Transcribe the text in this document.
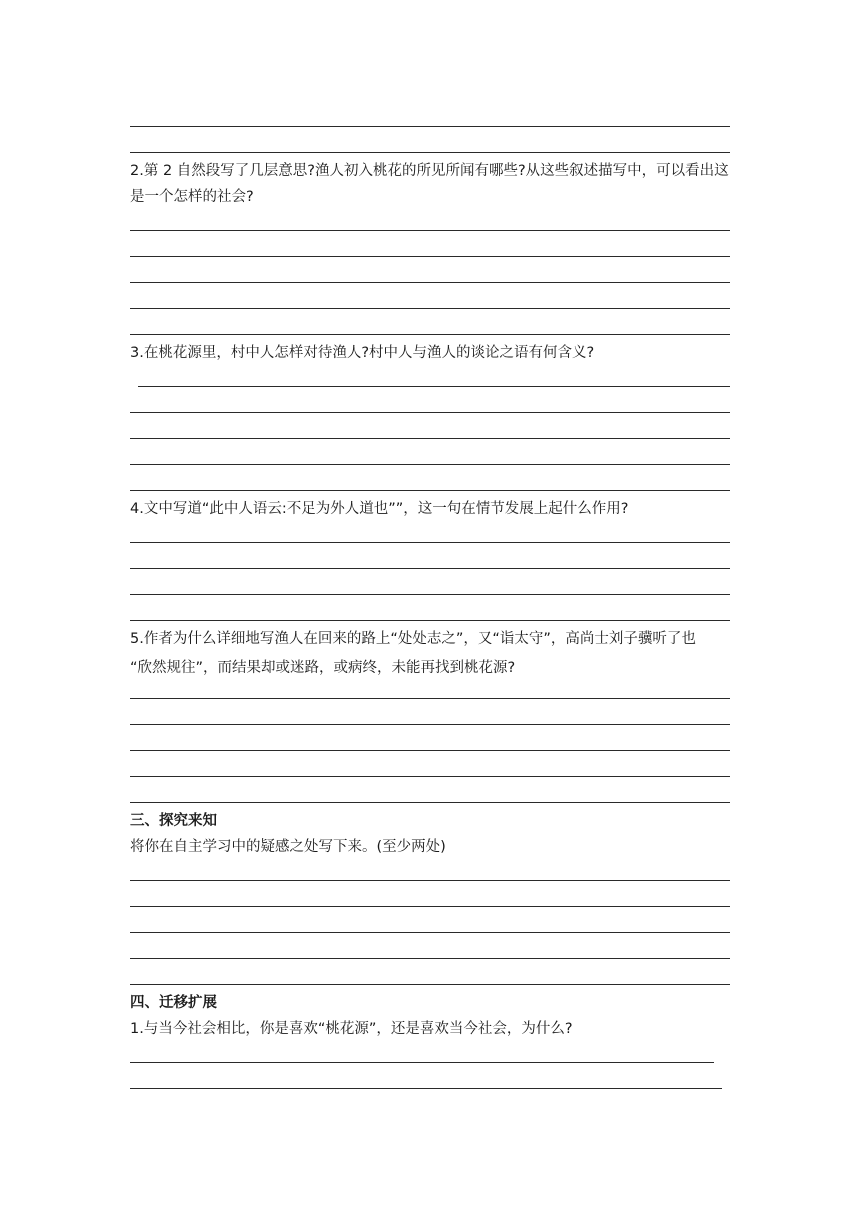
2.第 2 自然段写了几层意思?渔人初入桃花的所见所闻有哪些?从这些叙述描写中，可以看出这是一个怎样的社会?
3.在桃花源里，村中人怎样对待渔人?村中人与渔人的谈论之语有何含义?
4.文中写道“此中人语云:不足为外人道也””，这一句在情节发展上起什么作用?
5.作者为什么详细地写渔人在回来的路上“处处志之”，又“诣太守”，高尚士刘子骥听了也
“欣然规往”，而结果却或迷路，或病终，未能再找到桃花源?
三、探究来知
将你在自主学习中的疑感之处写下来。(至少两处)
四、迁移扩展
1.与当今社会相比，你是喜欢“桃花源”，还是喜欢当今社会，为什么?
